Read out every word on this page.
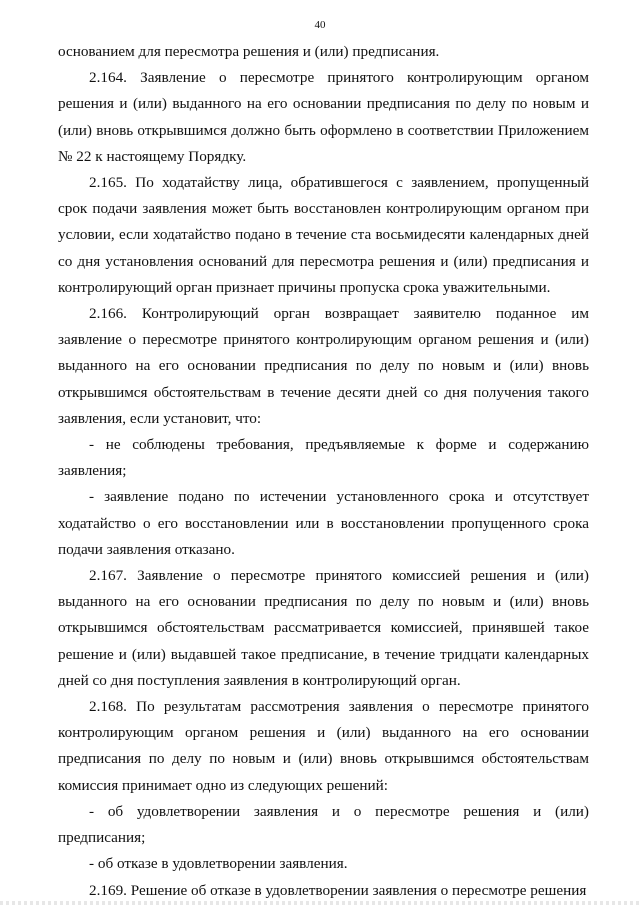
40

основанием для пересмотра решения и (или) предписания.

2.164. Заявление о пересмотре принятого контролирующим органом решения и (или) выданного на его основании предписания по делу по новым и (или) вновь открывшимся должно быть оформлено в соответствии Приложением № 22 к настоящему Порядку.

2.165. По ходатайству лица, обратившегося с заявлением, пропущенный срок подачи заявления может быть восстановлен контролирующим органом при условии, если ходатайство подано в течение ста восьмидесяти календарных дней со дня установления оснований для пересмотра решения и (или) предписания и контролирующий орган признает причины пропуска срока уважительными.

2.166. Контролирующий орган возвращает заявителю поданное им заявление о пересмотре принятого контролирующим органом решения и (или) выданного на его основании предписания по делу по новым и (или) вновь открывшимся обстоятельствам в течение десяти дней со дня получения такого заявления, если установит, что:

- не соблюдены требования, предъявляемые к форме и содержанию заявления;

- заявление подано по истечении установленного срока и отсутствует ходатайство о его восстановлении или в восстановлении пропущенного срока подачи заявления отказано.

2.167. Заявление о пересмотре принятого комиссией решения и (или) выданного на его основании предписания по делу по новым и (или) вновь открывшимся обстоятельствам рассматривается комиссией, принявшей такое решение и (или) выдавшей такое предписание, в течение тридцати календарных дней со дня поступления заявления в контролирующий орган.

2.168. По результатам рассмотрения заявления о пересмотре принятого контролирующим органом решения и (или) выданного на его основании предписания по делу по новым и (или) вновь открывшимся обстоятельствам комиссия принимает одно из следующих решений:

- об удовлетворении заявления и о пересмотре решения и (или) предписания;

- об отказе в удовлетворении заявления.

2.169. Решение об отказе в удовлетворении заявления о пересмотре решения
